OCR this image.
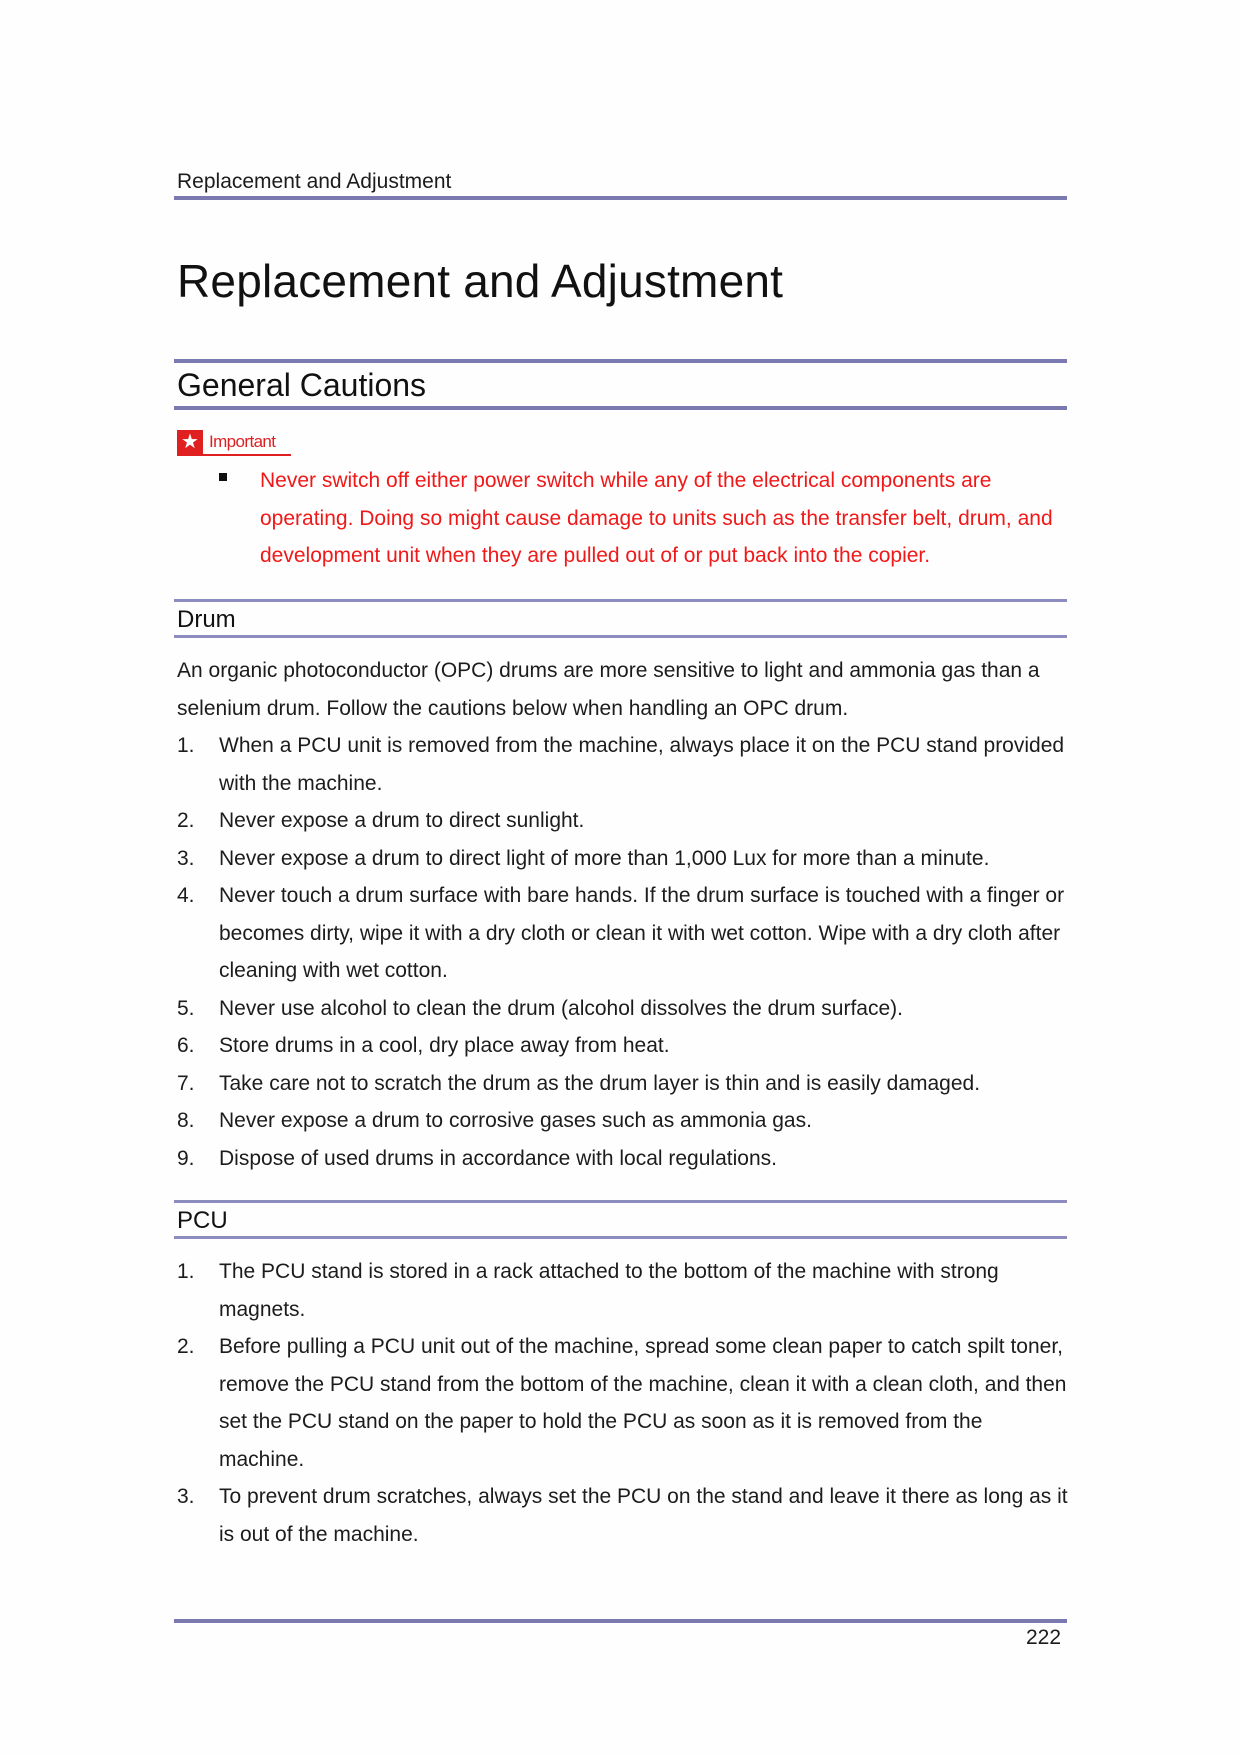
Replacement and Adjustment
Replacement and Adjustment
General Cautions
★ Important
Never switch off either power switch while any of the electrical components are operating. Doing so might cause damage to units such as the transfer belt, drum, and development unit when they are pulled out of or put back into the copier.
Drum
An organic photoconductor (OPC) drums are more sensitive to light and ammonia gas than a selenium drum. Follow the cautions below when handling an OPC drum.
1. When a PCU unit is removed from the machine, always place it on the PCU stand provided with the machine.
2. Never expose a drum to direct sunlight.
3. Never expose a drum to direct light of more than 1,000 Lux for more than a minute.
4. Never touch a drum surface with bare hands. If the drum surface is touched with a finger or becomes dirty, wipe it with a dry cloth or clean it with wet cotton. Wipe with a dry cloth after cleaning with wet cotton.
5. Never use alcohol to clean the drum (alcohol dissolves the drum surface).
6. Store drums in a cool, dry place away from heat.
7. Take care not to scratch the drum as the drum layer is thin and is easily damaged.
8. Never expose a drum to corrosive gases such as ammonia gas.
9. Dispose of used drums in accordance with local regulations.
PCU
1. The PCU stand is stored in a rack attached to the bottom of the machine with strong magnets.
2. Before pulling a PCU unit out of the machine, spread some clean paper to catch spilt toner, remove the PCU stand from the bottom of the machine, clean it with a clean cloth, and then set the PCU stand on the paper to hold the PCU as soon as it is removed from the machine.
3. To prevent drum scratches, always set the PCU on the stand and leave it there as long as it is out of the machine.
222
